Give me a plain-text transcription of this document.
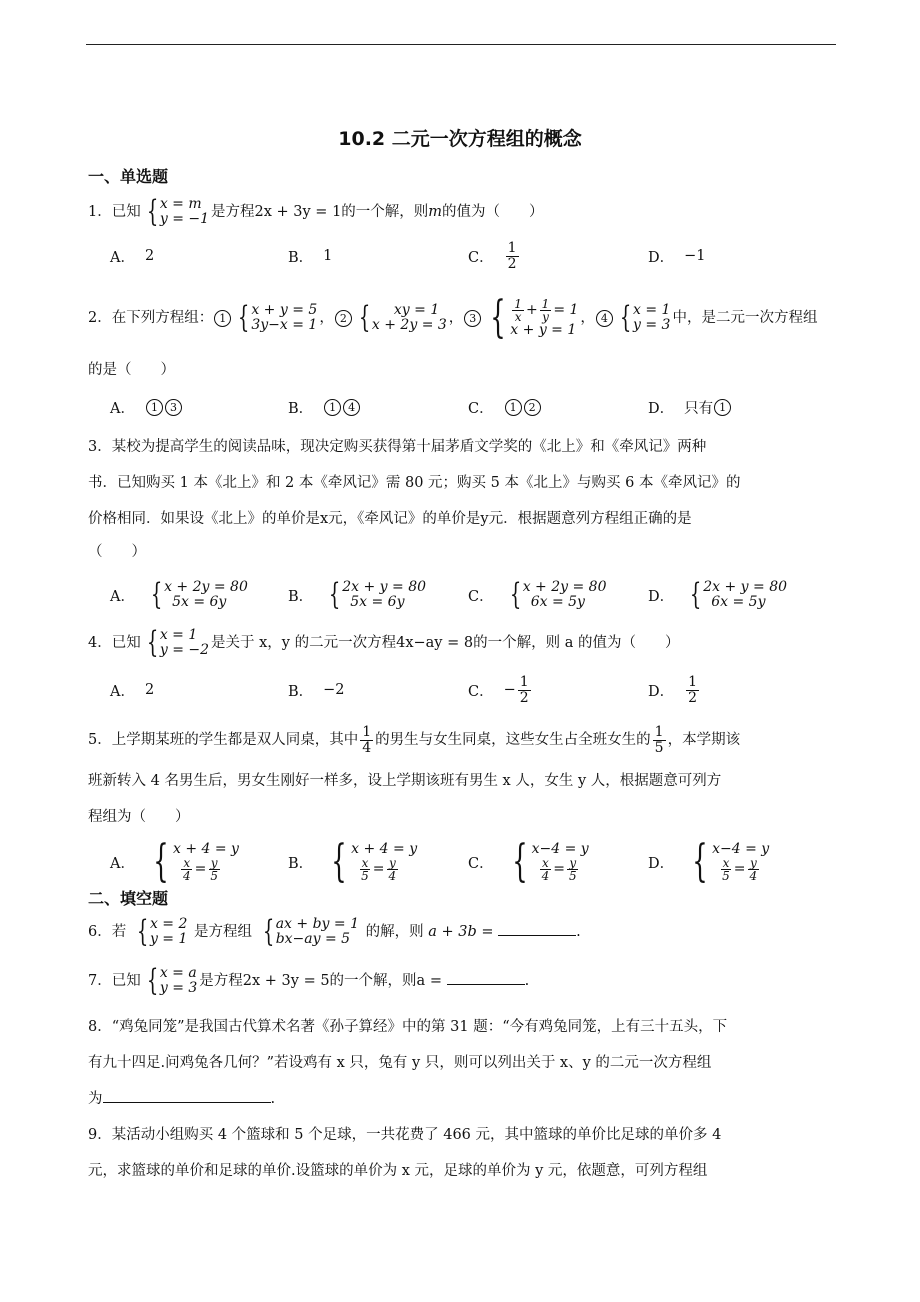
10.2 二元一次方程组的概念
一、单选题
1．已知 { x = m
y = −1 是方程2x + 3y = 1的一个解，则m的值为（　　）
A． 2	B． 1	C． $\frac{1}{2}$	D． −1
2．在下列方程组： 1 { x + y = 5
3y−x = 1 ， 2 {	xy = 1
x + 2y = 3 ， 3 { $\frac{1}{x} + \frac{1}{y} = 1$
x + y = 1
， 4 { x = 1
y = 3 中，是二元一次方程组
的是（　　）
A．	1	3	B．	1	4	C．	1	2	D． 只有 1
3．某校为提高学生的阅读品味，现决定购买获得第十届茅盾文学奖的《北上》和《牵风记》两种
书．已知购买 1 本《北上》和 2 本《牵风记》需 80 元；购买 5 本《北上》与购买 6 本《牵风记》的
价格相同．如果设《北上》的单价是x元，《牵风记》的单价是y元．根据题意列方程组正确的是
（　　）
A． { x + 2y = 80
5x = 6y	B． { 2x + y = 80
5x = 6y	C． { x + 2y = 80
6x = 5y	D． { 2x + y = 80
6x = 5y
4．已知 { x = 1
y = −2 是关于 x，y 的二元一次方程4x−ay = 8的一个解，则 a 的值为（　　）
A． 2	B． −2	C． − $\frac{1}{2}$	D． $\frac{1}{2}$
5．上学期某班的学生都是双人同桌，其中 $\frac{1}{4}$ 的男生与女生同桌，这些女生占全班女生的 $\frac{1}{5}$ ，本学期该
班新转入 4 名男生后，男女生刚好一样多，设上学期该班有男生 x 人，女生 y 人，根据题意可列方
程组为（　　）
A． { x + 4 = y
$\frac{x}{4} = \frac{y}{5}$	B． { x + 4 = y
$\frac{x}{5} = \frac{y}{4}$	C． { x−4 = y
$\frac{x}{4} = \frac{y}{5}$	D． { x−4 = y
$\frac{x}{5} = \frac{y}{4}$
二、填空题
6．若 { x = 2
y = 1 是方程组 { ax + by = 1
bx−ay = 5	的解，则 a + 3b =	.
7．已知 { x = a
y = 3 是方程2x + 3y = 5的一个解，则a =	.
8．“鸡兔同笼”是我国古代算术名著《孙子算经》中的第 31 题：“今有鸡兔同笼，上有三十五头，下
有九十四足.问鸡兔各几何？”若设鸡有 x 只，兔有 y 只，则可以列出关于 x、y 的二元一次方程组
为	.
9．某活动小组购买 4 个篮球和 5 个足球，一共花费了 466 元，其中篮球的单价比足球的单价多 4
元，求篮球的单价和足球的单价.设篮球的单价为 x 元，足球的单价为 y 元，依题意，可列方程组
